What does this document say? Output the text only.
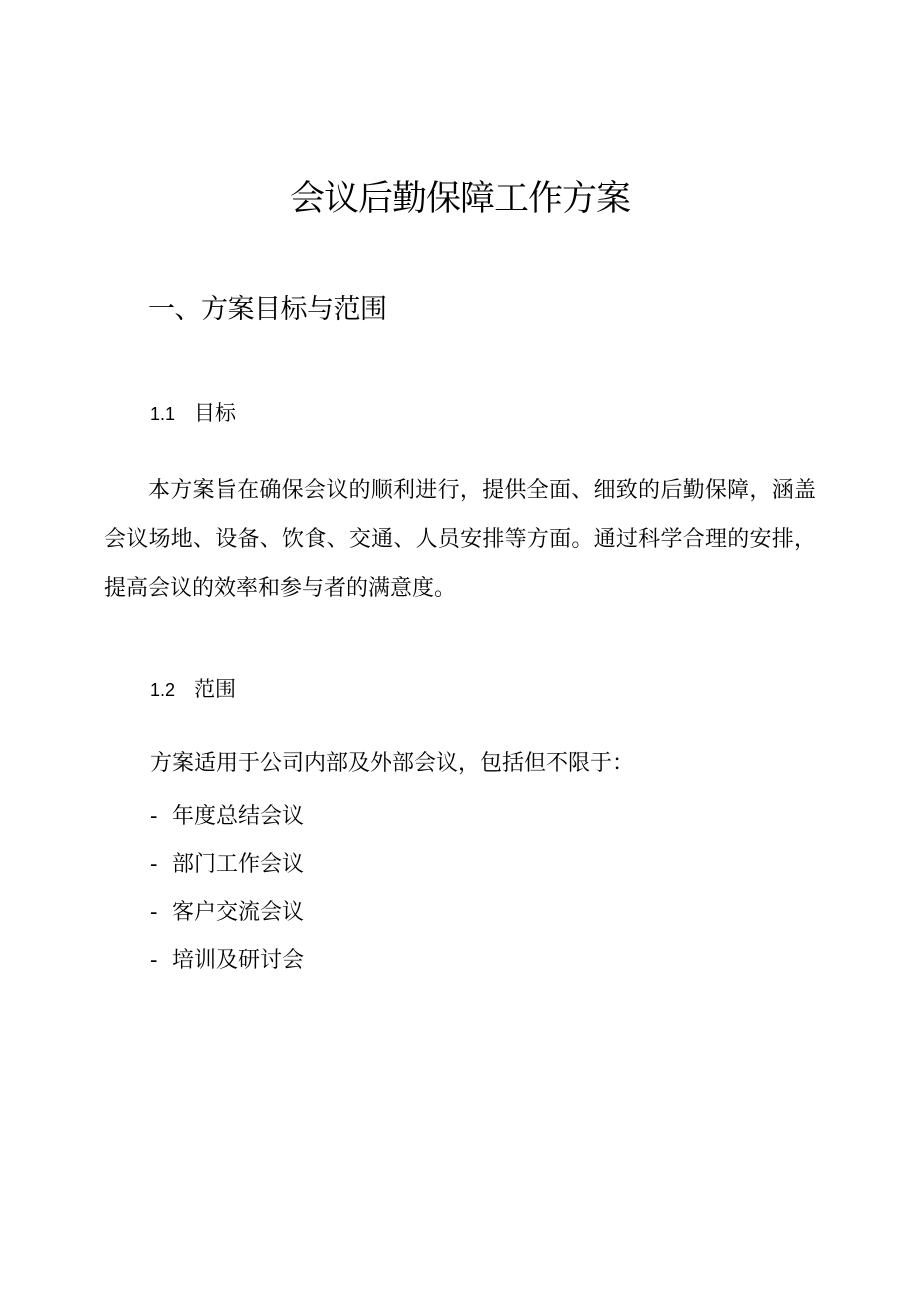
会议后勤保障工作方案
一、方案目标与范围
1.1 目标

本方案旨在确保会议的顺利进行，提供全面、细致的后勤保障，涵盖会议场地、设备、饮食、交通、人员安排等方面。通过科学合理的安排，提高会议的效率和参与者的满意度。

1.2 范围

方案适用于公司内部及外部会议，包括但不限于：

- 年度总结会议
- 部门工作会议
- 客户交流会议
- 培训及研讨会
